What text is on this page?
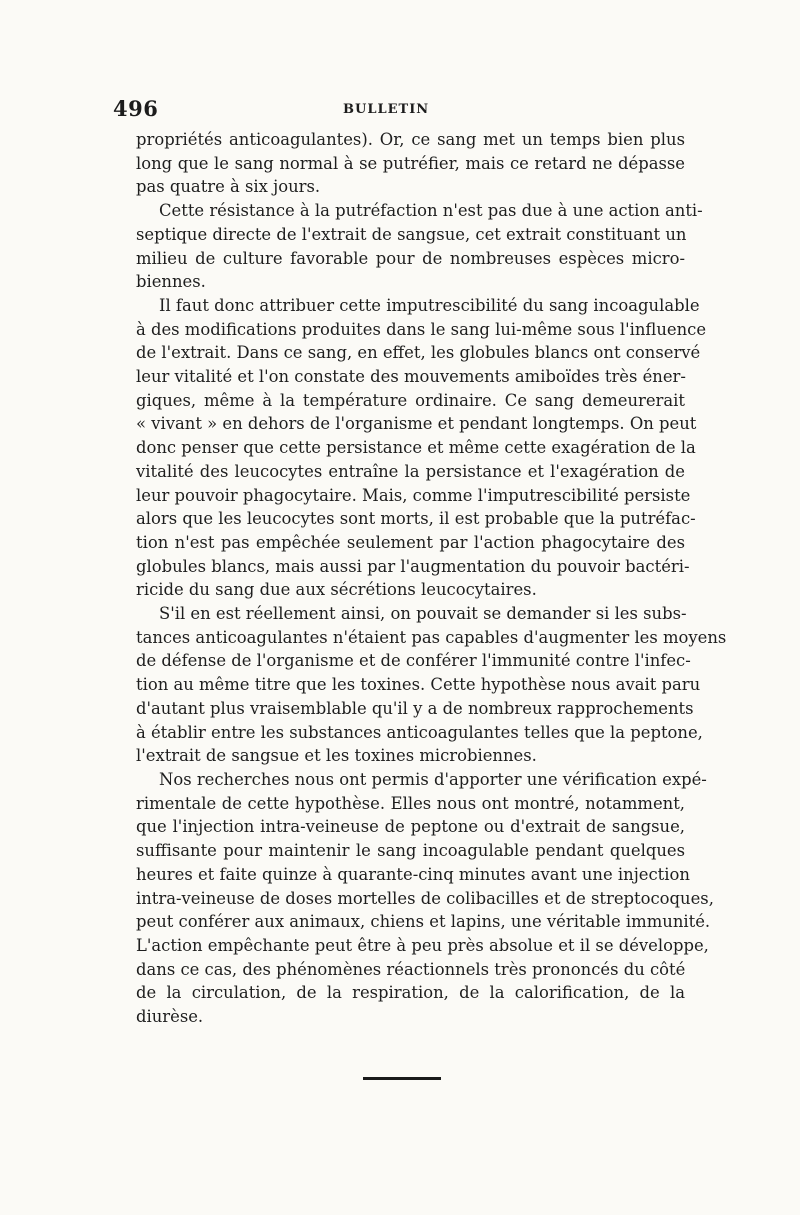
496	BULLETIN
propriétés anticoagulantes). Or, ce sang met un temps bien plus
long que le sang normal à se putréfier, mais ce retard ne dépasse
pas quatre à six jours.
Cette résistance à la putréfaction n'est pas due à une action anti-
septique directe de l'extrait de sangsue, cet extrait constituant un
milieu de culture favorable pour de nombreuses espèces micro-
biennes.
Il faut donc attribuer cette imputrescibilité du sang incoagulable
à des modifications produites dans le sang lui-même sous l'influence
de l'extrait. Dans ce sang, en effet, les globules blancs ont conservé
leur vitalité et l'on constate des mouvements amiboïdes très éner-
giques, même à la température ordinaire. Ce sang demeurerait
« vivant » en dehors de l'organisme et pendant longtemps. On peut
donc penser que cette persistance et même cette exagération de la
vitalité des leucocytes entraîne la persistance et l'exagération de
leur pouvoir phagocytaire. Mais, comme l'imputrescibilité persiste
alors que les leucocytes sont morts, il est probable que la putréfac-
tion n'est pas empêchée seulement par l'action phagocytaire des
globules blancs, mais aussi par l'augmentation du pouvoir bactéri-
ricide du sang due aux sécrétions leucocytaires.
S'il en est réellement ainsi, on pouvait se demander si les subs-
tances anticoagulantes n'étaient pas capables d'augmenter les moyens
de défense de l'organisme et de conférer l'immunité contre l'infec-
tion au même titre que les toxines. Cette hypothèse nous avait paru
d'autant plus vraisemblable qu'il y a de nombreux rapprochements
à établir entre les substances anticoagulantes telles que la peptone,
l'extrait de sangsue et les toxines microbiennes.
Nos recherches nous ont permis d'apporter une vérification expé-
rimentale de cette hypothèse. Elles nous ont montré, notamment,
que l'injection intra-veineuse de peptone ou d'extrait de sangsue,
suffisante pour maintenir le sang incoagulable pendant quelques
heures et faite quinze à quarante-cinq minutes avant une injection
intra-veineuse de doses mortelles de colibacilles et de streptocoques,
peut conférer aux animaux, chiens et lapins, une véritable immunité.
L'action empêchante peut être à peu près absolue et il se développe,
dans ce cas, des phénomènes réactionnels très prononcés du côté
de la circulation, de la respiration, de la calorification, de la
diurèse.
